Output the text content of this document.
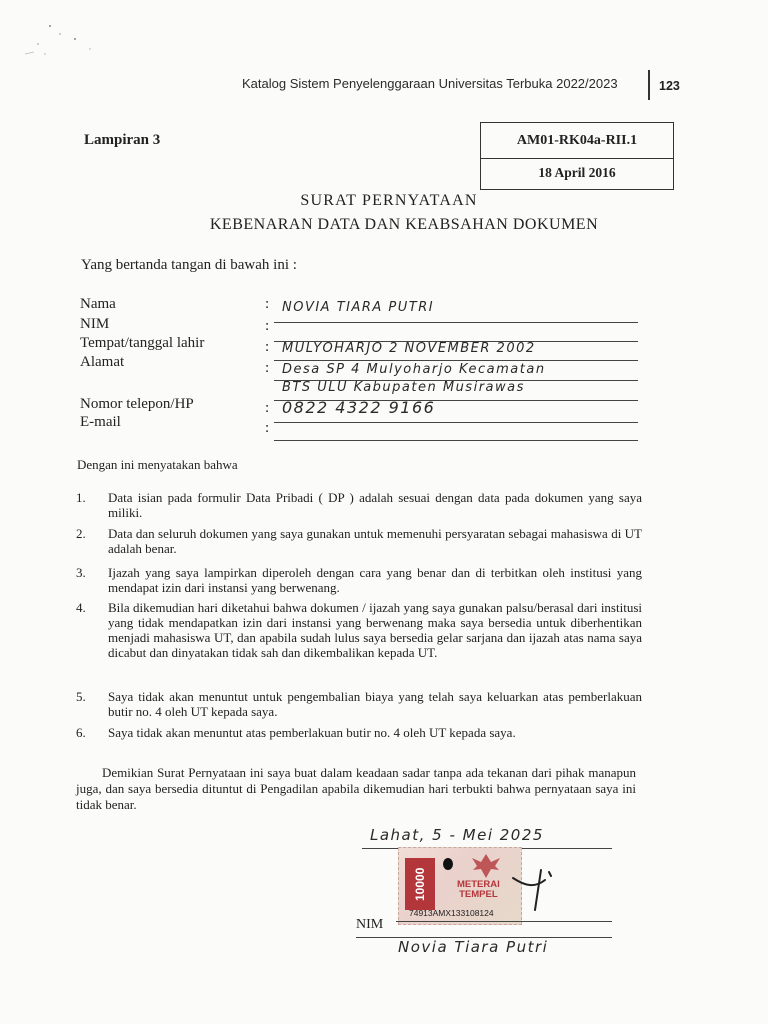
Katalog Sistem Penyelenggaraan Universitas Terbuka 2022/2023	123
Lampiran 3	AM01-RK04a-RII.1
18 April 2016
SURAT PERNYATAAN
KEBENARAN DATA DAN KEABSAHAN DOKUMEN
Yang bertanda tangan di bawah ini :
Nama	: NOVIA TIARA PUTRI
NIM	:
Tempat/tanggal lahir	: MULYOHARJO 2 NOVEMBER 2002
Alamat	: Desa SP 4 Mulyoharjo Kecamatan
BTS ULU Kabupaten Musirawas
Nomor telepon/HP	: 0822 4322 9166
E-mail	:
Dengan ini menyatakan bahwa
1.	Data isian pada formulir Data Pribadi ( DP ) adalah sesuai dengan data pada dokumen yang saya miliki.
2.	Data dan seluruh dokumen yang saya gunakan untuk memenuhi persyaratan sebagai mahasiswa di UT adalah benar.
3.	Ijazah yang saya lampirkan diperoleh dengan cara yang benar dan di terbitkan oleh institusi yang mendapat izin dari instansi yang berwenang.
4.	Bila dikemudian hari diketahui bahwa dokumen / ijazah yang saya gunakan palsu/berasal dari institusi yang tidak mendapatkan izin dari instansi yang berwenang maka saya bersedia untuk diberhentikan menjadi mahasiswa UT, dan apabila sudah lulus saya bersedia gelar sarjana dan ijazah atas nama saya dicabut dan dinyatakan tidak sah dan dikembalikan kepada UT.
5.	Saya tidak akan menuntut untuk pengembalian biaya yang telah saya keluarkan atas pemberlakuan butir no. 4 oleh UT kepada saya.
6.	Saya tidak akan menuntut atas pemberlakuan butir no. 4 oleh UT kepada saya.
Demikian Surat Pernyataan ini saya buat dalam keadaan sadar tanpa ada tekanan dari pihak manapun juga, dan saya bersedia dituntut di Pengadilan apabila dikemudian hari terbukti bahwa pernyataan saya ini tidak benar.
Lahat, 5 - Mei 2025
10000	METERAI
TEMPEL
74913AMX133108124
NIM
Novia Tiara Putri
